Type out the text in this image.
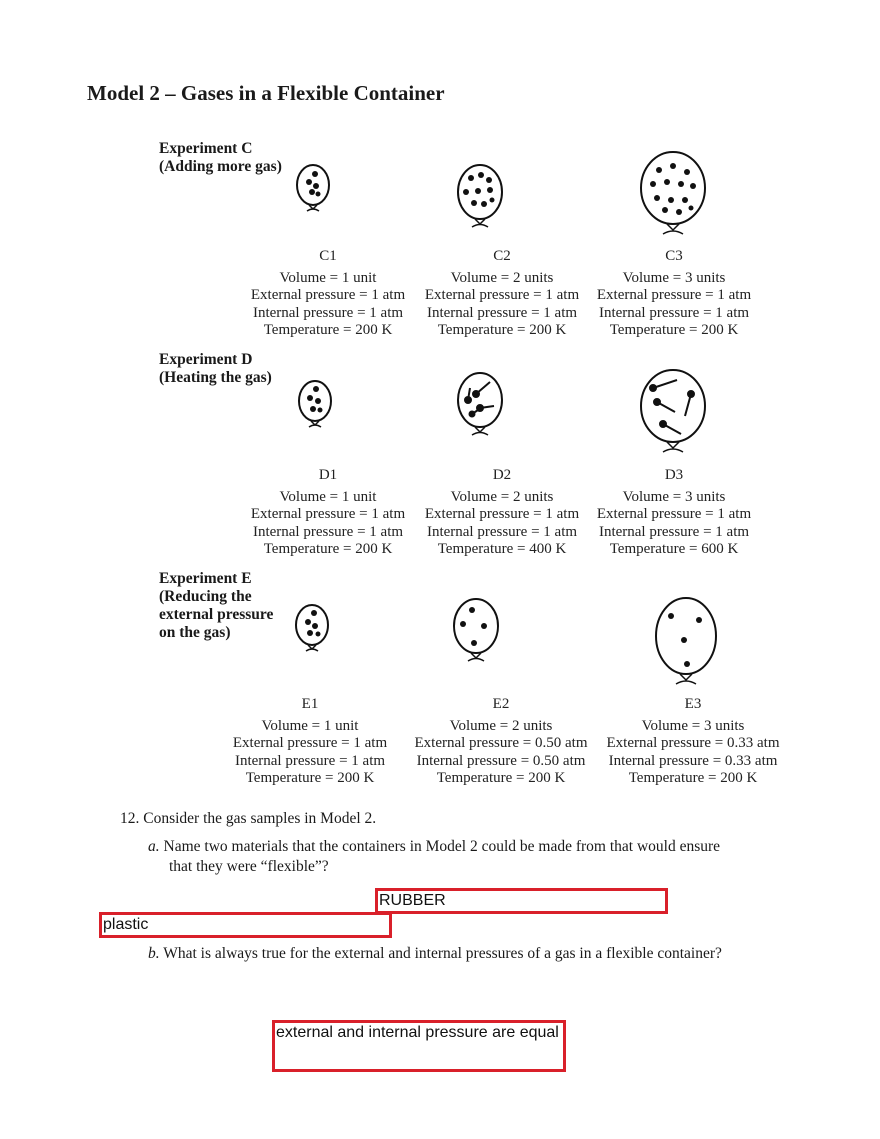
Model 2 – Gases in a Flexible Container
Experiment C
(Adding more gas)
C1
Volume = 1 unit
External pressure = 1 atm
Internal pressure = 1 atm
Temperature = 200 K
C2
Volume = 2 units
External pressure = 1 atm
Internal pressure = 1 atm
Temperature = 200 K
C3
Volume = 3 units
External pressure = 1 atm
Internal pressure = 1 atm
Temperature = 200 K
Experiment D
(Heating the gas)
D1
Volume = 1 unit
External pressure = 1 atm
Internal pressure = 1 atm
Temperature = 200 K
D2
Volume = 2 units
External pressure = 1 atm
Internal pressure = 1 atm
Temperature = 400 K
D3
Volume = 3 units
External pressure = 1 atm
Internal pressure = 1 atm
Temperature = 600 K
Experiment E
(Reducing the
external pressure
on the gas)
E1
Volume = 1 unit
External pressure = 1 atm
Internal pressure = 1 atm
Temperature = 200 K
E2
Volume = 2 units
External pressure = 0.50 atm
Internal pressure = 0.50 atm
Temperature = 200 K
E3
Volume = 3 units
External pressure = 0.33 atm
Internal pressure = 0.33 atm
Temperature = 200 K
12. Consider the gas samples in Model 2.
a. Name two materials that the containers in Model 2 could be made from that would ensure
that they were “flexible”?
RUBBER
plastic
b. What is always true for the external and internal pressures of a gas in a flexible container?
external and internal pressure are equal
